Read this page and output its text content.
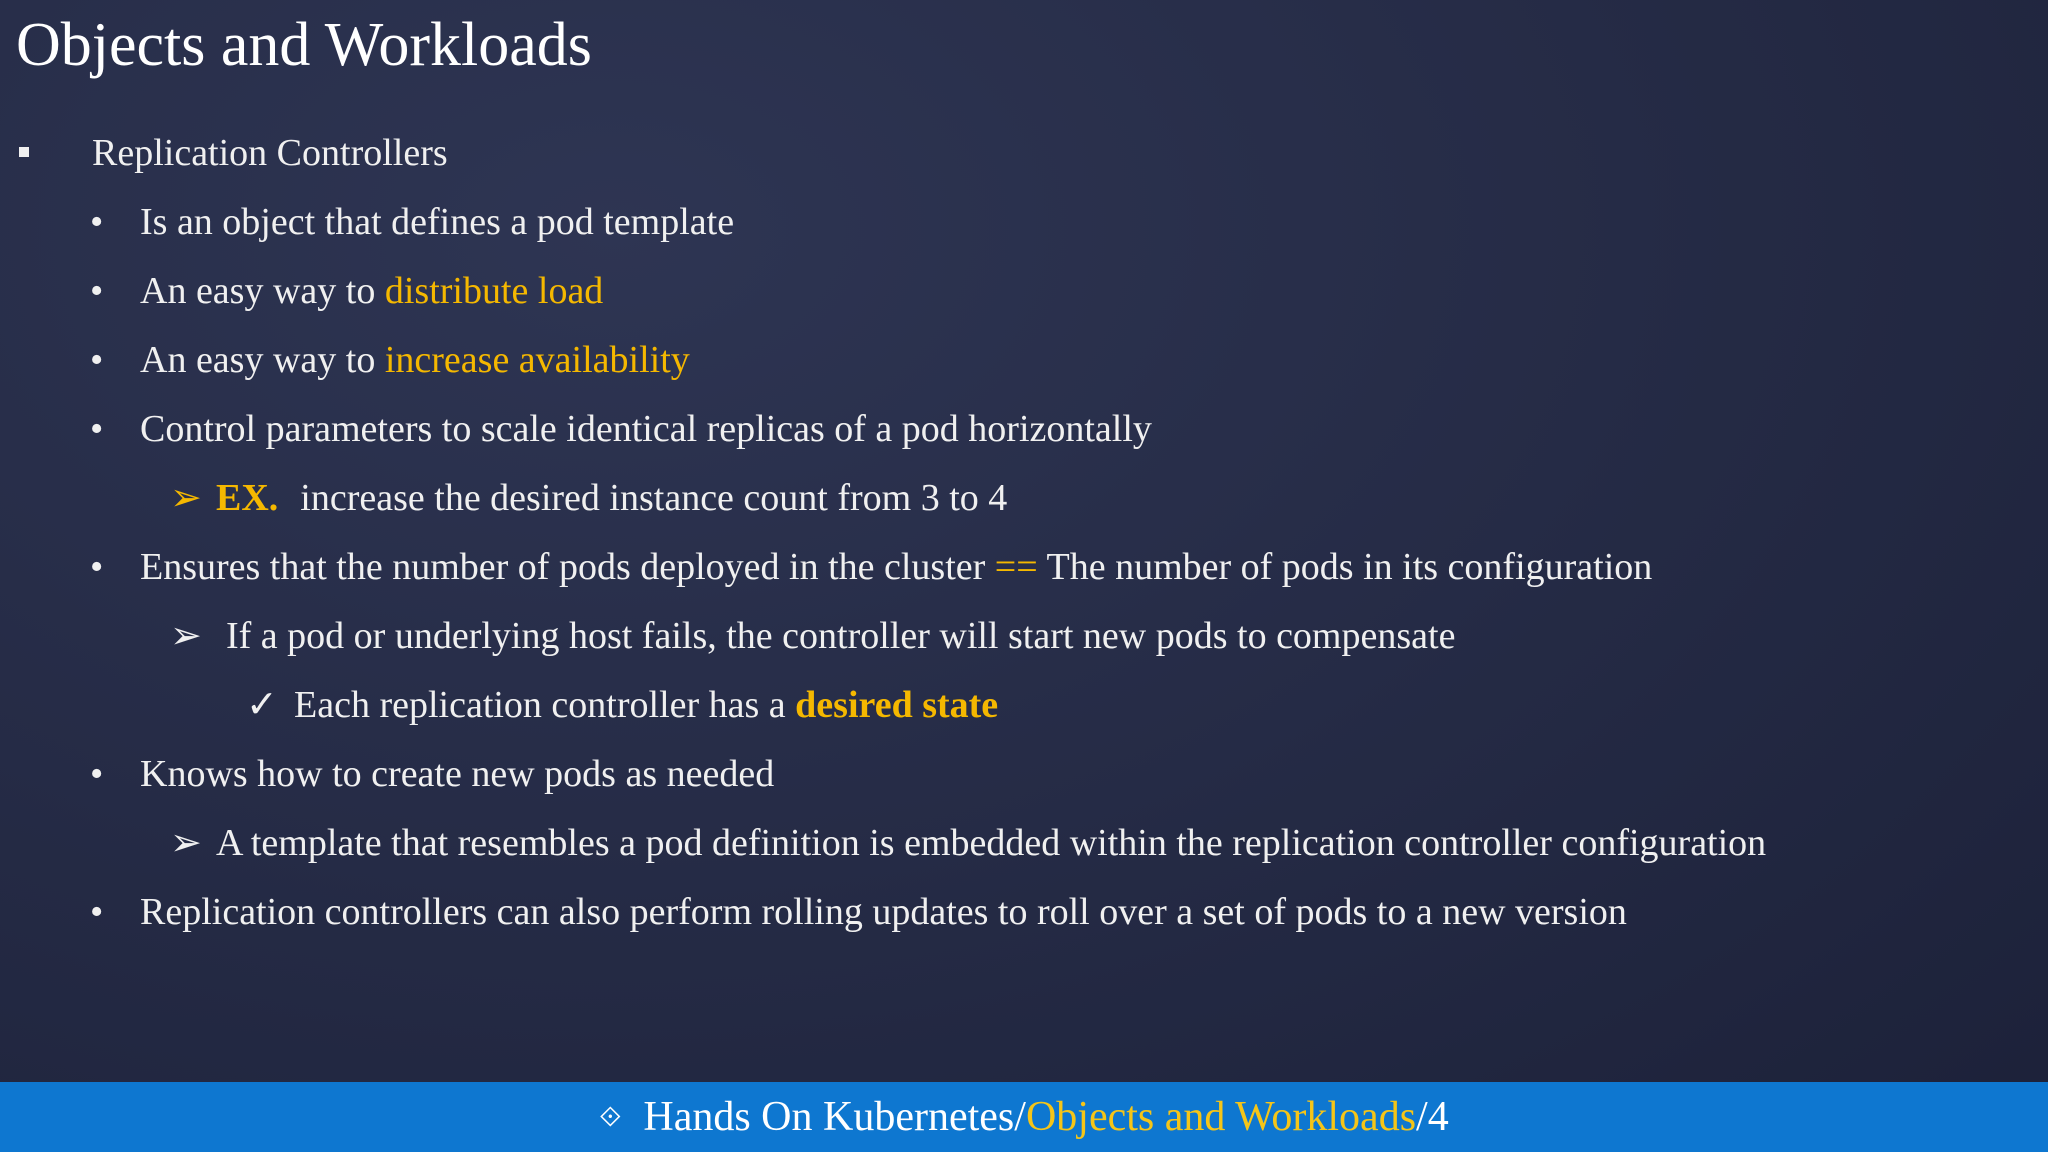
Objects and Workloads
Replication Controllers
• Is an object that defines a pod template
• An easy way to distribute load
• An easy way to increase availability
• Control parameters to scale identical replicas of a pod horizontally
➢ EX. increase the desired instance count from 3 to 4
• Ensures that the number of pods deployed in the cluster == The number of pods in its configuration
➢ If a pod or underlying host fails, the controller will start new pods to compensate
✓ Each replication controller has a desired state
• Knows how to create new pods as needed
➢ A template that resembles a pod definition is embedded within the replication controller configuration
• Replication controllers can also perform rolling updates to roll over a set of pods to a new version
⟐ Hands On Kubernetes / Objects and Workloads / 4
